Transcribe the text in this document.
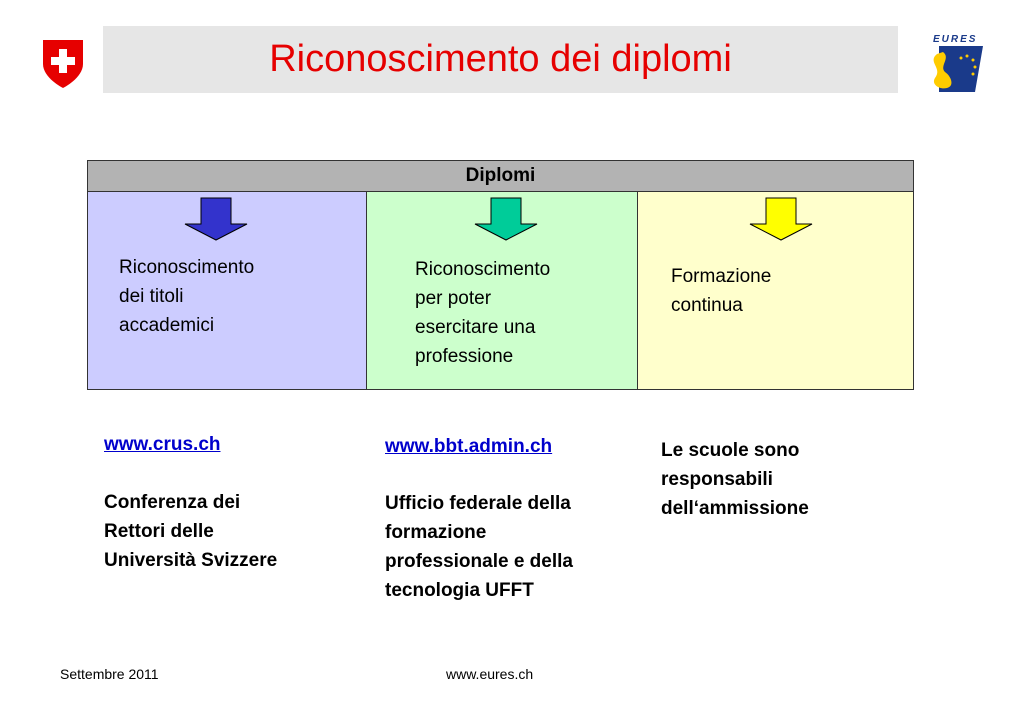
Riconoscimento dei diplomi	EURES
Diplomi
Riconoscimento
dei titoli
accademici
Riconoscimento
per poter
esercitare una
professione
Formazione
continua
www.crus.ch
Conferenza dei
Rettori delle
Università Svizzere
www.bbt.admin.ch
Ufficio federale della
formazione
professionale e della
tecnologia UFFT
Le scuole sono
responsabili
dell‘ammissione
Settembre 2011	www.eures.ch
